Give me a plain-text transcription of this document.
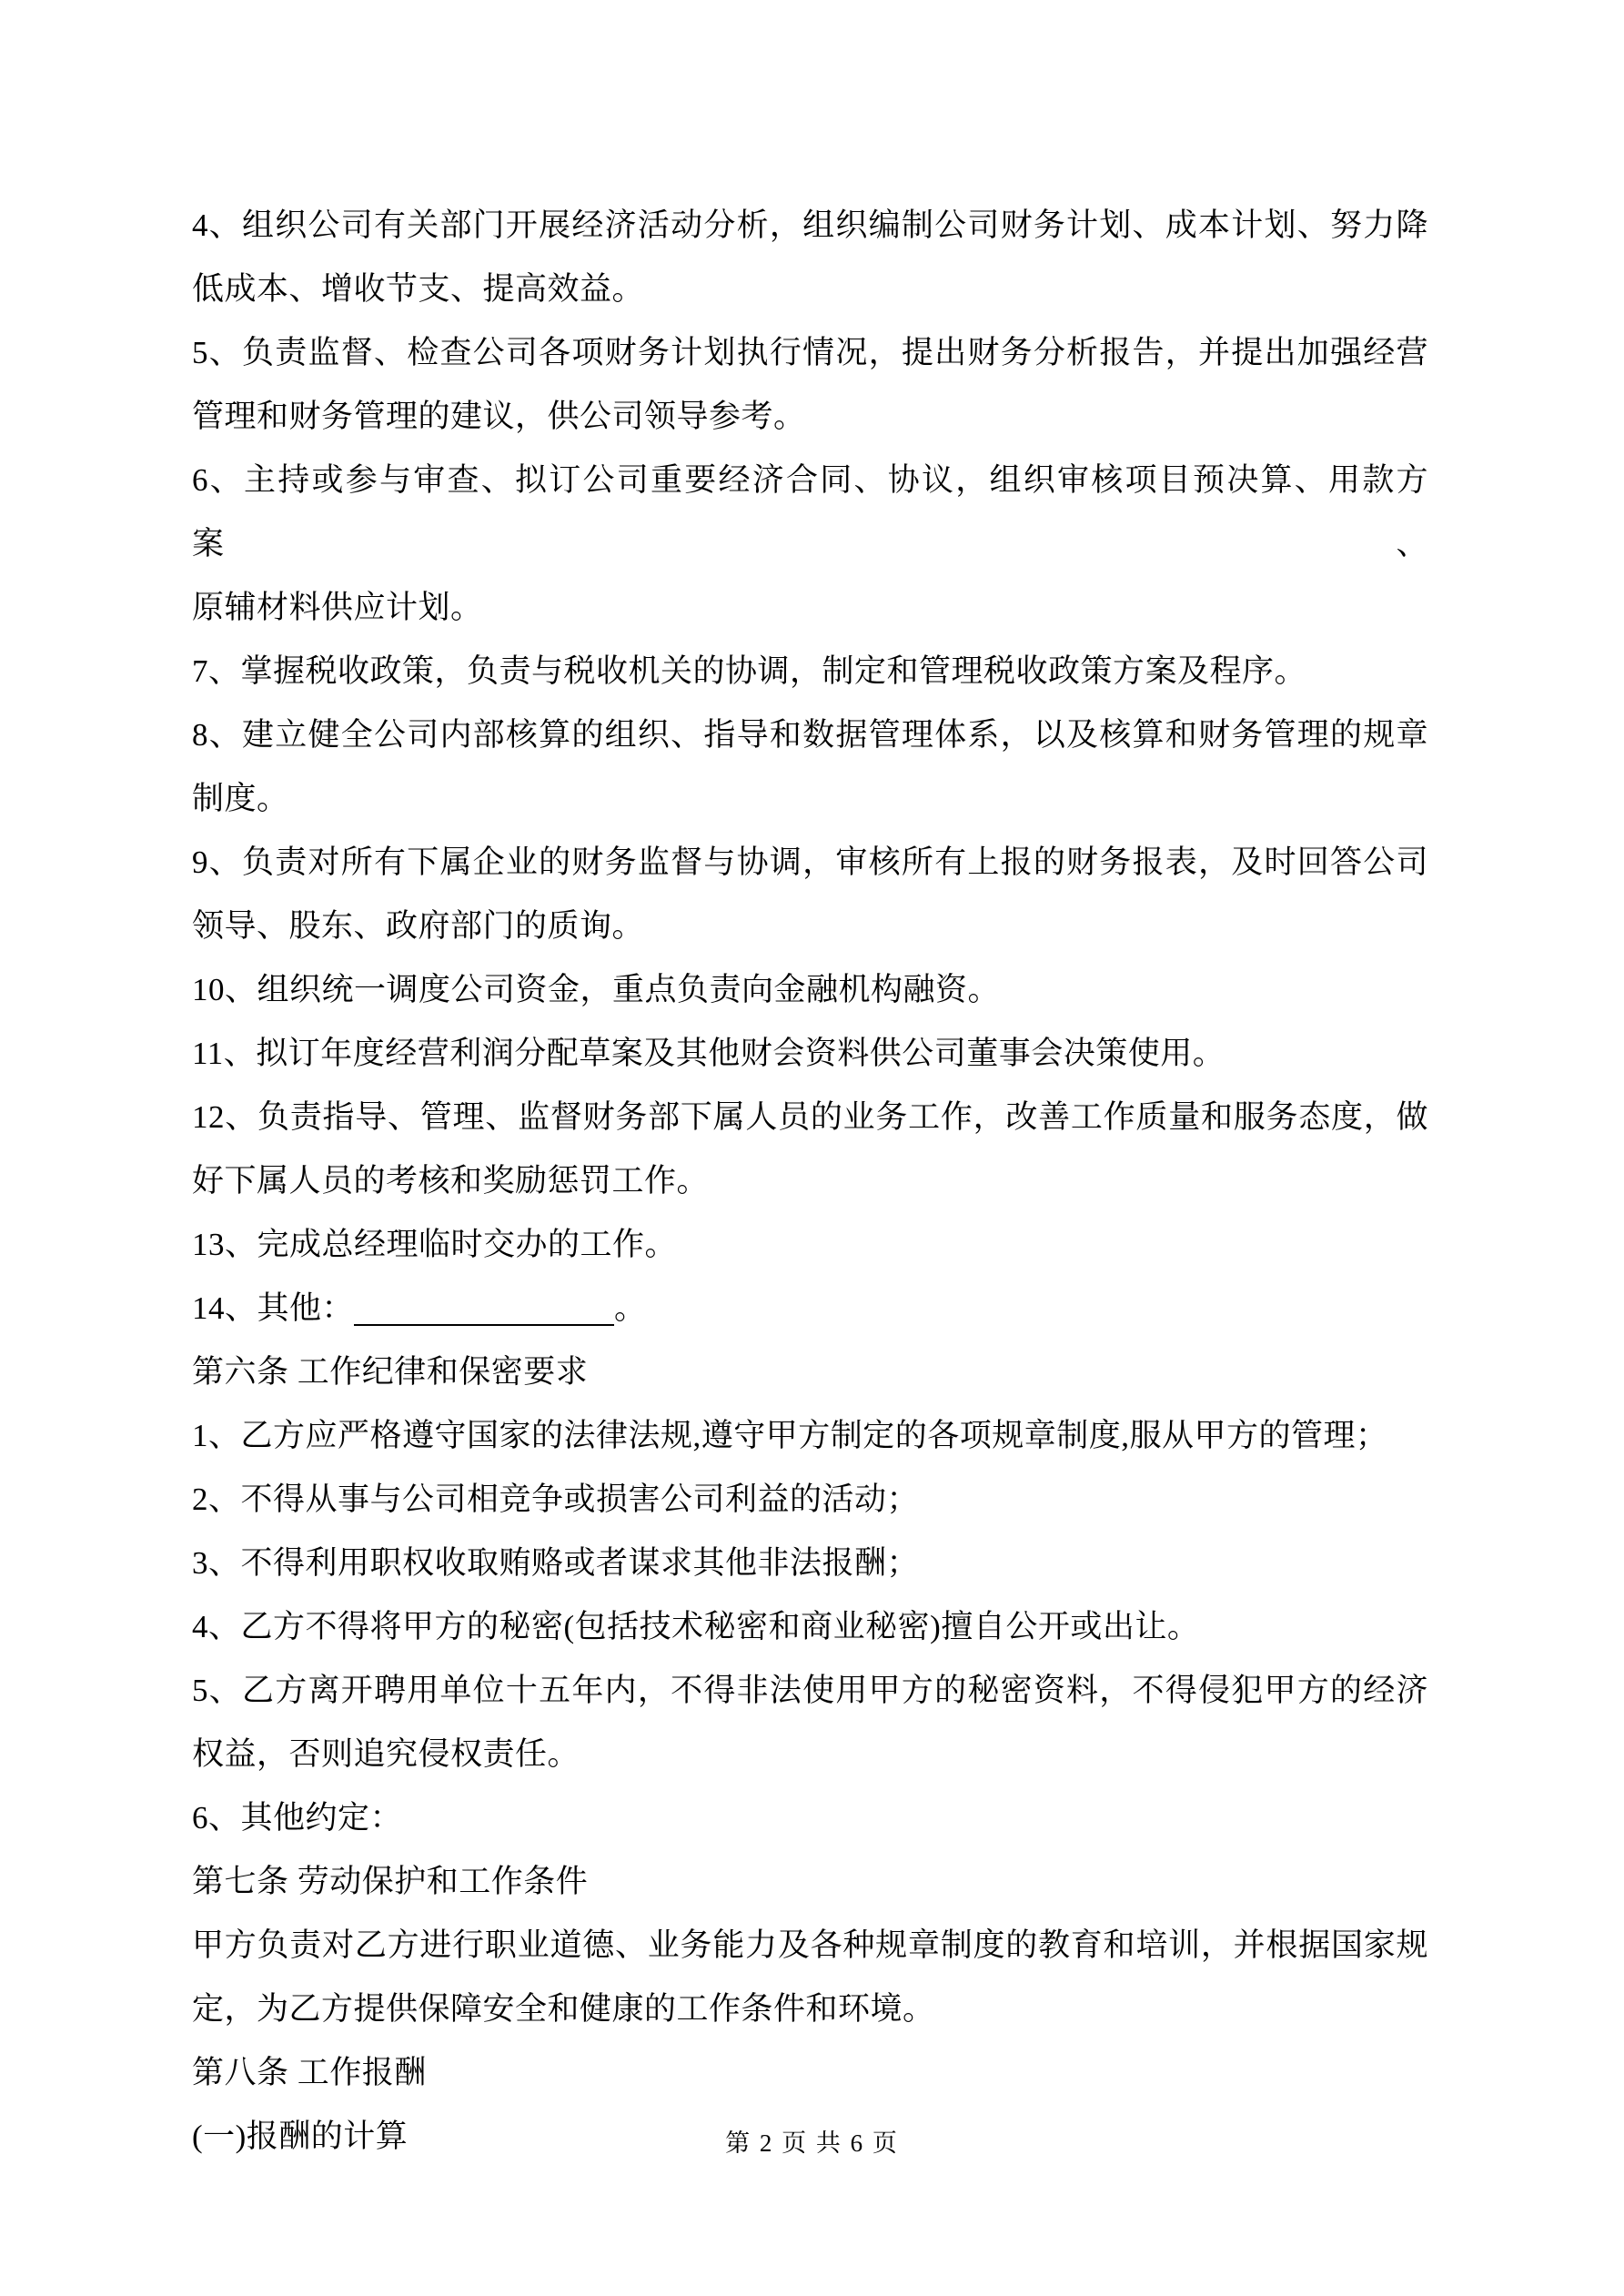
4、组织公司有关部门开展经济活动分析，组织编制公司财务计划、成本计划、努力降

低成本、增收节支、提高效益。

5、负责监督、检查公司各项财务计划执行情况，提出财务分析报告，并提出加强经营

管理和财务管理的建议，供公司领导参考。

6、主持或参与审查、拟订公司重要经济合同、协议，组织审核项目预决算、用款方案、

原辅材料供应计划。

7、掌握税收政策，负责与税收机关的协调，制定和管理税收政策方案及程序。

8、建立健全公司内部核算的组织、指导和数据管理体系，以及核算和财务管理的规章

制度。

9、负责对所有下属企业的财务监督与协调，审核所有上报的财务报表，及时回答公司

领导、股东、政府部门的质询。

10、组织统一调度公司资金，重点负责向金融机构融资。

11、拟订年度经营利润分配草案及其他财会资料供公司董事会决策使用。

12、负责指导、管理、监督财务部下属人员的业务工作，改善工作质量和服务态度，做

好下属人员的考核和奖励惩罚工作。

13、完成总经理临时交办的工作。

14、其他：	。

第六条 工作纪律和保密要求

1、乙方应严格遵守国家的法律法规,遵守甲方制定的各项规章制度,服从甲方的管理；

2、不得从事与公司相竞争或损害公司利益的活动；

3、不得利用职权收取贿赂或者谋求其他非法报酬；

4、乙方不得将甲方的秘密(包括技术秘密和商业秘密)擅自公开或出让。

5、乙方离开聘用单位十五年内，不得非法使用甲方的秘密资料，不得侵犯甲方的经济

权益，否则追究侵权责任。

6、其他约定：

第七条 劳动保护和工作条件

甲方负责对乙方进行职业道德、业务能力及各种规章制度的教育和培训，并根据国家规

定，为乙方提供保障安全和健康的工作条件和环境。

第八条 工作报酬

(一)报酬的计算	第 2 页 共 6 页
